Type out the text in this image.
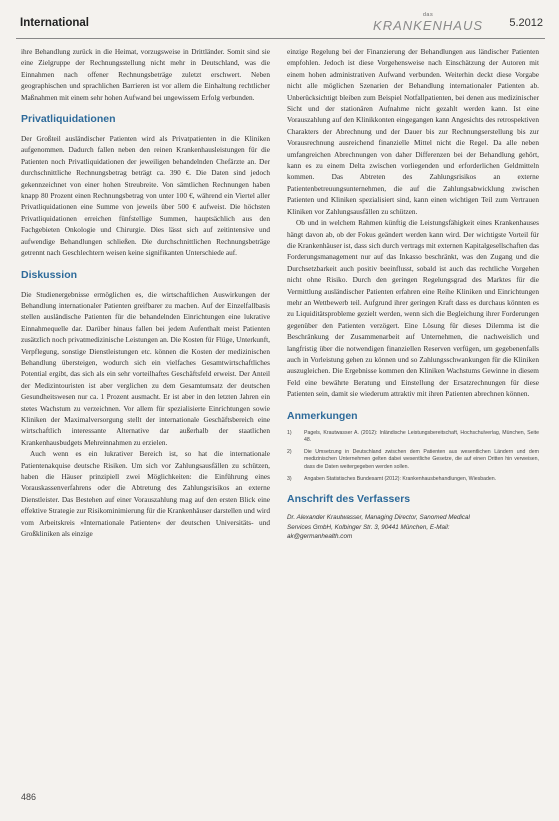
International
das
KRANKENHAUS 5.2012

ihre Behandlung zurück in die Heimat, vorzugsweise in Drittländer. Somit sind sie eine Zielgruppe der Rechnungsstellung nicht mehr in Deutschland, was die Einnahmen nach offener Rechnungsbeträge zuletzt erschwert. Neben geographischen und sprachlichen Barrieren ist vor allem die Einhaltung rechtlicher Maßnahmen mit einem sehr hohen Aufwand bei ungewissem Erfolg verbunden.

Privatliquidationen

Der Großteil ausländischer Patienten wird als Privatpatienten in die Kliniken aufgenommen. Dadurch fallen neben den reinen Krankenhausleistungen für die Patienten noch Privatliquidationen der jeweiligen behandelnden Chefärzte an. Der durchschnittliche Rechnungsbetrag beträgt ca. 390 €. Die Daten sind jedoch gekennzeichnet von einer hohen Streubreite. Von sämtlichen Rechnungen haben knapp 80 Prozent einen Rechnungsbetrag von unter 100 €, während ein Viertel aller Privatliquidationen eine Summe von jeweils über 500 € aufweist. Die höchsten Privatliquidationen erreichen fünfstellige Summen, hauptsächlich aus den Fachgebieten Onkologie und Chirurgie. Dies lässt sich auf zeitintensive und aufwendige Behandlungen schließen. Die durchschnittlichen Rechnungsbeträge getrennt nach Geschlechtern weisen keine signifikanten Unterschiede auf.

Diskussion

Die Studienergebnisse ermöglichen es, die wirtschaftlichen Auswirkungen der Behandlung internationaler Patienten greifbarer zu machen. Auf der Einzelfallbasis stellen ausländische Patienten für die behandelnden Einrichtungen eine lukrative Einnahmequelle dar. Darüber hinaus fallen bei jedem Aufenthalt meist Patienten zusätzlich noch privatmedizinische Leistungen an. Die Kosten für Flüge, Unterkunft, Verpflegung, sonstige Dienstleistungen etc. können die Kosten der medizinischen Behandlung übersteigen, wodurch sich ein vielfaches Gesamtwirtschaftliches Potential ergibt, das sich als ein sehr vorteilhaftes Geschäftsfeld erweist. Der Anteil der Medizintouristen ist aber verglichen zu dem Gesamtumsatz der deutschen Gesundheitswesen nur ca. 1 Prozent ausmacht. Er ist aber in den letzten Jahren ein stetes Wachstum zu verzeichnen. Vor allem für spezialisierte Einrichtungen sowie Kliniken der Maximalversorgung stellt der internationale Geschäftsbereich eine wirtschaftlich interessante Alternative dar außerhalb der staatlichen Krankenhausbudgets Mehreinnahmen zu erzielen.

Auch wenn es ein lukrativer Bereich ist, so hat die internationale Patientenakquise deutsche Risiken. Um sich vor Zahlungsausfällen zu schützen, haben die Häuser prinzipiell zwei Möglichkeiten: die Einführung eines Vorauskassenverfahrens oder die Abtretung des Zahlungsrisikos an externe Dienstleister. Das Bestehen auf einer Vorauszahlung mag auf den ersten Blick eine effektive Strategie zur Risikominimierung für die Krankenhäuser darstellen und wird vom Arbeitskreis »Internationale Patienten« der deutschen Universitäts- und Großkliniken als einzige

einzige Regelung bei der Finanzierung der Behandlungen aus ländischer Patienten empfohlen. Jedoch ist diese Vorgehensweise nach Einschätzung der Autoren mit einem hohen administrativen Aufwand verbunden. Weiterhin deckt diese Vorgabe nicht alle möglichen Szenarien der Behandlung internationaler Patienten ab. Unberücksichtigt bleiben zum Beispiel Notfallpatienten, bei denen aus medizinischer Sicht und der stationären Aufnahme nicht gezahlt werden kann. Ist eine Vorauszahlung auf den Klinikkonten eingegangen kann Angesichts des retrospektiven Charakters der Abrechnung und der Dauer bis zur Rechnungserstellung bis zur Vorausrechnung ausreichend finanzielle Mittel nicht die Regel. Da alle neben umfangreichen Abrechnungen von daher Differenzen bei der Behandlung gehört, kann es zu einem Delta zwischen vorliegenden und erforderlichen Geldmitteln kommen. Das Abtreten des Zahlungsrisikos an externe Patientenbetreuungsunternehmen, die auf die Zahlungsabwicklung zwischen Patienten und Kliniken spezialisiert sind, kann einen wichtigen Teil zum Vertrauen Kliniken vor Zahlungsausfällen zu schützen.

Ob und in welchem Rahmen künftig die Leistungsfähigkeit eines Krankenhauses hängt davon ab, ob der Fokus geändert werden kann wird. Der wichtigste Vorteil für die Krankenhäuser ist, dass sich durch vertrags mit externen Kapitalgesellschaften das Forderungsmanagement nur auf das Inkasso beschränkt, was den Zugang und die Durchsetzbarkeit auch positiv beeinflusst, sobald ist auch das rechtliche Vorgehen nicht ohne Risiko. Durch den geringen Regelungsgrad des Marktes für die Vermittlung ausländischer Patienten erfahren eine Reihe Kliniken und Einrichtungen mehr an Wettbewerb teil. Aufgrund ihrer geringen Kraft dass es durchaus könnten es zu Liquiditätsprobleme gezielt werden, wenn sich die Begleichung ihrer Forderungen gegenüber den Patienten verzögert. Eine Lösung für dieses Dilemma ist die Beschränkung der Zusammenarbeit auf Unternehmen, die nachweislich und langfristig über die notwendigen finanziellen Reserven verfügen, um gegebenenfalls auch in Vorleistung gehen zu können und so Zahlungsschwankungen für die Kliniken auszugleichen. Die Ergebnisse kommen den Kliniken Wachstums Gewinne in diesem Feld eine bewährte Beratung und Einstellung der Ersatzrechnungen für diese Patienten sein, damit sie wiederum attraktiv mit ihren Patienten abrechnen können.

Anmerkungen
1) Pagels, Krautwasser A. (2012): Inländische Leistungsbereitschaft, Hochschulverlag, München, Seite 48.
2) Die Umsetzung in Deutschland zwischen dem Patienten aus wesentlichen Ländern und dem medizinischen Unternehmen gelten dabei wesentliche Gesetze, die auf einen Dritten hin verweisen, dass die Daten weitergegeben werden sollen.
3) Angaben Statistisches Bundesamt (2012): Krankenhausbehandlungen, Wiesbaden.
Anschrift des Verfassers
Dr. Alexander Krautwasser, Managing Director, Sanomed Medical
Services GmbH, Kolbinger Str. 3, 90441 München, E-Mail:
ak@germanhealth.com
486
